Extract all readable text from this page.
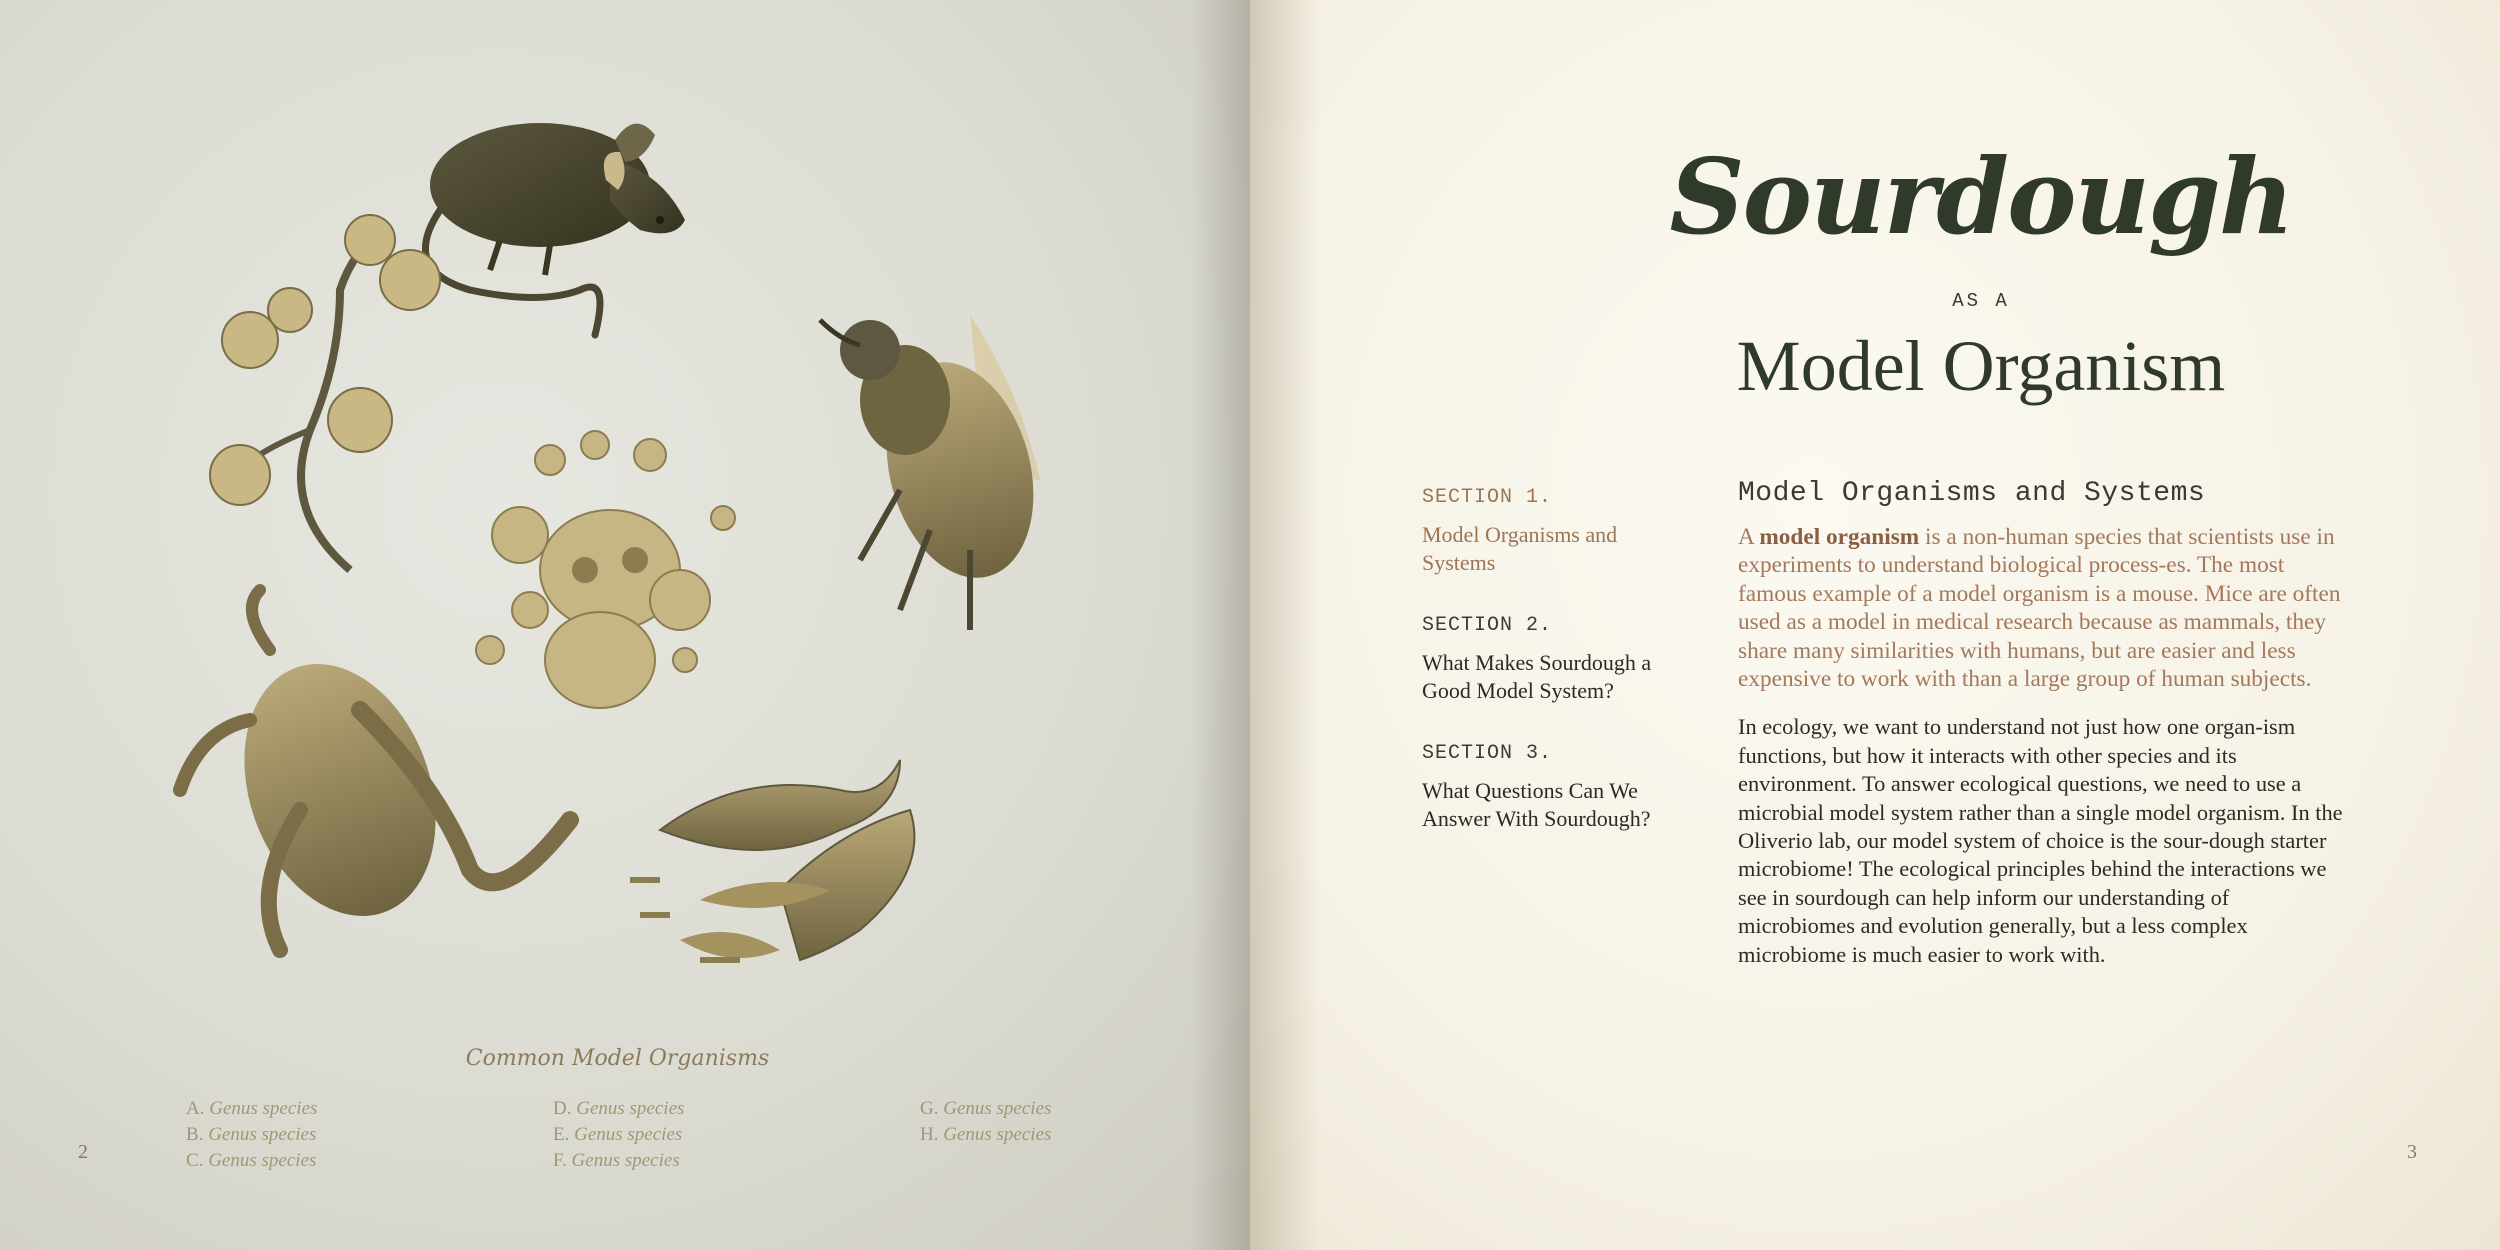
Common Model Organisms
A. Genus species
B. Genus species
C. Genus species
D. Genus species
E. Genus species
F. Genus species
G. Genus species
H. Genus species
2
Sourdough
AS A
Model Organism
SECTION 1.
Model Organisms and Systems
SECTION 2.
What Makes Sourdough a Good Model System?
SECTION 3.
What Questions Can We Answer With Sourdough?
Model Organisms and Systems

A model organism is a non-human species that scientists use in experiments to understand biological process-es. The most famous example of a model organism is a mouse. Mice are often used as a model in medical research because as mammals, they share many similarities with humans, but are easier and less expensive to work with than a large group of human subjects.

In ecology, we want to understand not just how one organ-ism functions, but how it interacts with other species and its environment. To answer ecological questions, we need to use a microbial model system rather than a single model organism. In the Oliverio lab, our model system of choice is the sour-dough starter microbiome! The ecological principles behind the interactions we see in sourdough can help inform our understanding of microbiomes and evolution generally, but a less complex microbiome is much easier to work with.

3
